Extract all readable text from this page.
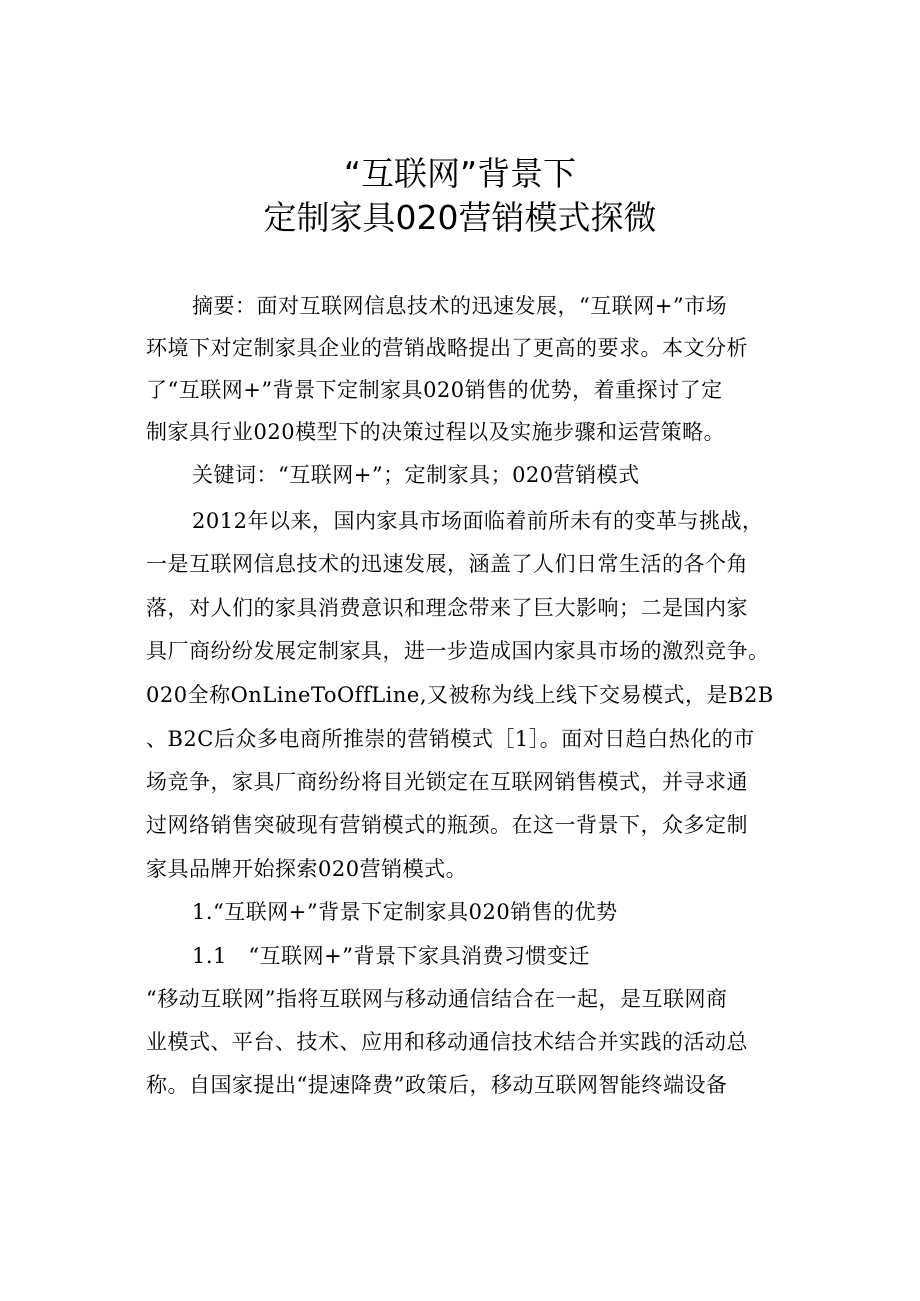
“互联网”背景下
定制家具020营销模式探微
摘要：面对互联网信息技术的迅速发展，“互联网+”市场
环境下对定制家具企业的营销战略提出了更高的要求。本文分析
了“互联网+”背景下定制家具020销售的优势，着重探讨了定
制家具行业020模型下的决策过程以及实施步骤和运营策略。
关键词：“互联网+”；定制家具；020营销模式
2012年以来，国内家具市场面临着前所未有的变革与挑战，
一是互联网信息技术的迅速发展，涵盖了人们日常生活的各个角
落，对人们的家具消费意识和理念带来了巨大影响；二是国内家
具厂商纷纷发展定制家具，进一步造成国内家具市场的激烈竞争。
020全称OnLineToOffLine,又被称为线上线下交易模式，是B2B
、B2C后众多电商所推崇的营销模式［1］。面对日趋白热化的市
场竞争，家具厂商纷纷将目光锁定在互联网销售模式，并寻求通
过网络销售突破现有营销模式的瓶颈。在这一背景下，众多定制
家具品牌开始探索020营销模式。
1.“互联网+”背景下定制家具020销售的优势
1.1　“互联网+”背景下家具消费习惯变迁
“移动互联网”指将互联网与移动通信结合在一起，是互联网商
业模式、平台、技术、应用和移动通信技术结合并实践的活动总
称。自国家提出“提速降费”政策后，移动互联网智能终端设备
